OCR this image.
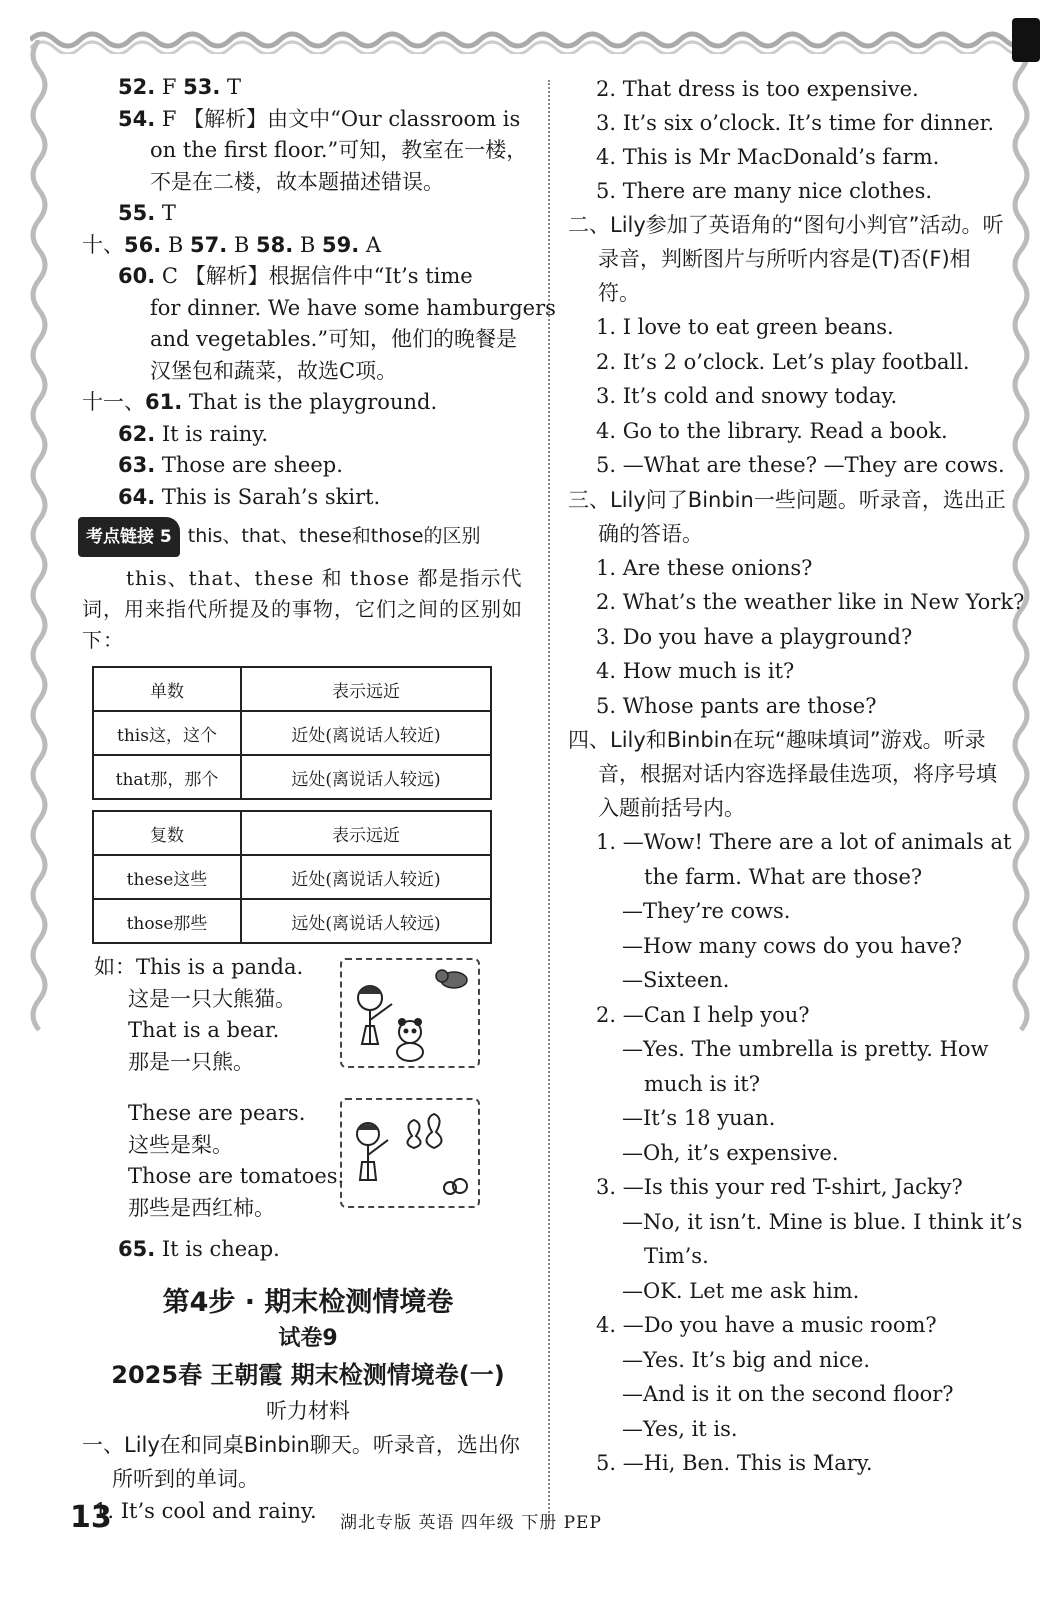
52. F 53. T

54. F 【解析】由文中“Our classroom is

on the first floor.”可知，教室在一楼，

不是在二楼，故本题描述错误。

55. T

十、56. B 57. B 58. B 59. A

60. C 【解析】根据信件中“It’s time

for dinner. We have some hamburgers

and vegetables.”可知，他们的晚餐是

汉堡包和蔬菜，故选C项。

十一、61. That is the playground.

62. It is rainy.

63. Those are sheep.

64. This is Sarah’s skirt.

考点链接 5 this、that、these和those的区别

this、that、these 和 those 都是指示代词，用来指代所提及的事物，它们之间的区别如下：

单数	表示远近
this这，这个	近处(离说话人较近)
that那，那个	远处(离说话人较远)
复数	表示远近
these这些	近处(离说话人较近)
those那些	远处(离说话人较远)

如：This is a panda.

这是一只大熊猫。

That is a bear.

那是一只熊。

These are pears.

这些是梨。

Those are tomatoes.

那些是西红柿。

65. It is cheap.

第4步 · 期末检测情境卷

试卷9

2025春 王朝霞 期末检测情境卷(一)

听力材料

一、Lily在和同桌Binbin聊天。听录音，选出你所听到的单词。

1. It’s cool and rainy.

2. That dress is too expensive.

3. It’s six o’clock. It’s time for dinner.

4. This is Mr MacDonald’s farm.

5. There are many nice clothes.

二、Lily参加了英语角的“图句小判官”活动。听录音，判断图片与所听内容是(T)否(F)相符。

1. I love to eat green beans.

2. It’s 2 o’clock. Let’s play football.

3. It’s cold and snowy today.

4. Go to the library. Read a book.

5. —What are these? —They are cows.

三、Lily问了Binbin一些问题。听录音，选出正确的答语。

1. Are these onions?

2. What’s the weather like in New York?

3. Do you have a playground?

4. How much is it?

5. Whose pants are those?

四、Lily和Binbin在玩“趣味填词”游戏。听录音，根据对话内容选择最佳选项，将序号填入题前括号内。

1. —Wow! There are a lot of animals at

the farm. What are those?

—They’re cows.

—How many cows do you have?

—Sixteen.

2. —Can I help you?

—Yes. The umbrella is pretty. How

much is it?

—It’s 18 yuan.

—Oh, it’s expensive.

3. —Is this your red T-shirt, Jacky?

—No, it isn’t. Mine is blue. I think it’s

Tim’s.

—OK. Let me ask him.

4. —Do you have a music room?

—Yes. It’s big and nice.

—And is it on the second floor?

—Yes, it is.

5. —Hi, Ben. This is Mary.

13	湖北专版 英语 四年级 下册 PEP
